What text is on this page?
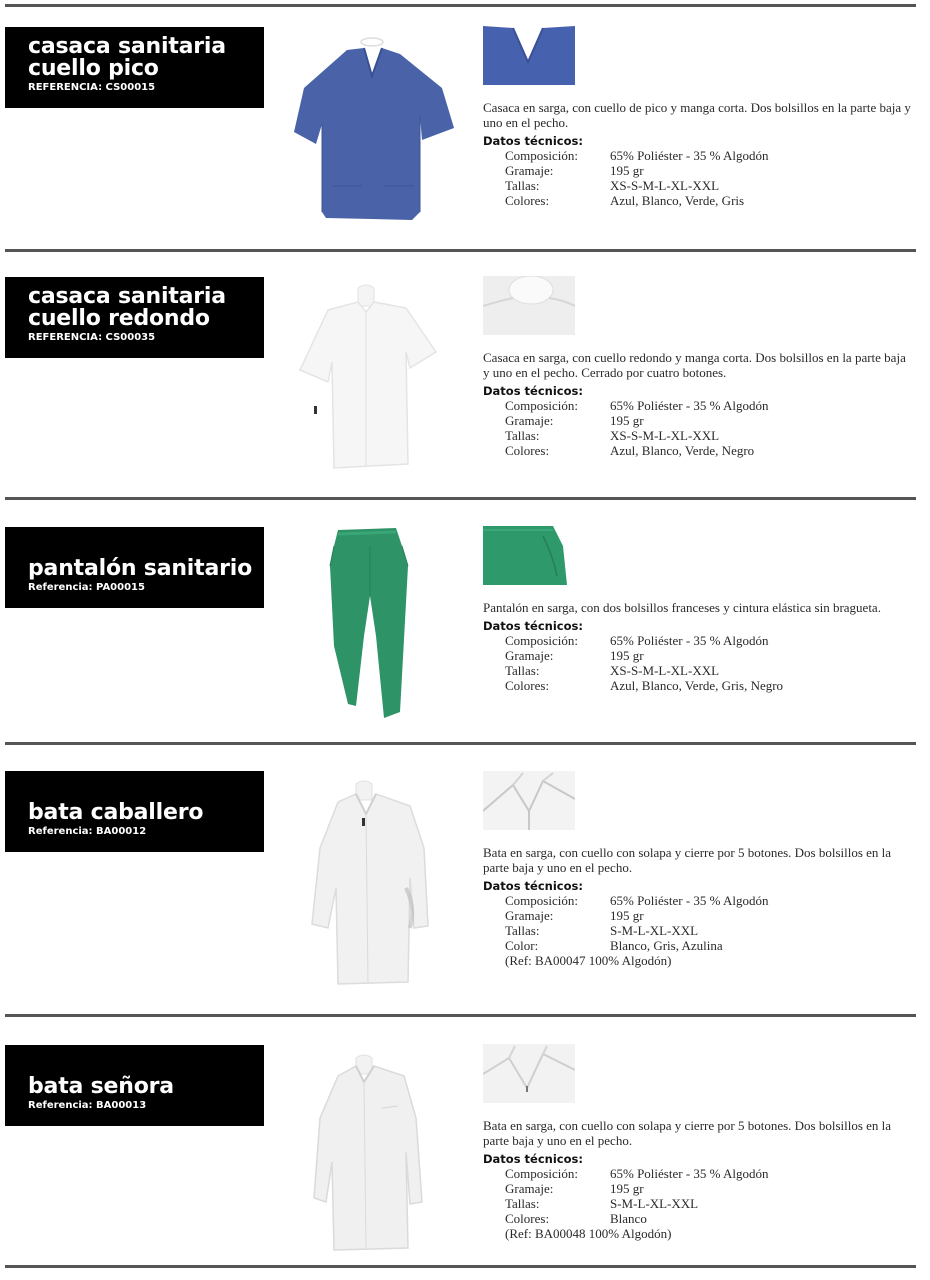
casaca sanitaria
cuello pico
REFERENCIA: CS00015

Casaca en sarga, con cuello de pico y manga corta. Dos bolsillos en la parte baja y uno en el pecho.

Datos técnicos:
Composición:	65% Poliéster - 35 % Algodón
Gramaje:	195 gr
Tallas:	XS-S-M-L-XL-XXL
Colores:	Azul, Blanco, Verde, Gris
casaca sanitaria
cuello redondo
REFERENCIA: CS00035

Casaca en sarga, con cuello redondo y manga corta. Dos bolsillos en la parte baja y uno en el pecho. Cerrado por cuatro botones.

Datos técnicos:
Composición:	65% Poliéster - 35 % Algodón
Gramaje:	195 gr
Tallas:	XS-S-M-L-XL-XXL
Colores:	Azul, Blanco, Verde, Negro
pantalón sanitario
Referencia: PA00015

Pantalón en sarga, con dos bolsillos franceses y cintura elástica sin bragueta.

Datos técnicos:
Composición:	65% Poliéster - 35 % Algodón
Gramaje:	195 gr
Tallas:	XS-S-M-L-XL-XXL
Colores:	Azul, Blanco, Verde, Gris, Negro
bata caballero
Referencia: BA00012

Bata en sarga, con cuello con solapa y cierre por 5 botones. Dos bolsillos en la parte baja y uno en el pecho.

Datos técnicos:
Composición:	65% Poliéster - 35 % Algodón
Gramaje:	195 gr
Tallas:	S-M-L-XL-XXL
Color:	Blanco, Gris, Azulina
(Ref: BA00047 100% Algodón)
bata señora
Referencia: BA00013

Bata en sarga, con cuello con solapa y cierre por 5 botones. Dos bolsillos en la parte baja y uno en el pecho.

Datos técnicos:
Composición:	65% Poliéster - 35 % Algodón
Gramaje:	195 gr
Tallas:	S-M-L-XL-XXL
Colores:	Blanco
(Ref: BA00048 100% Algodón)
